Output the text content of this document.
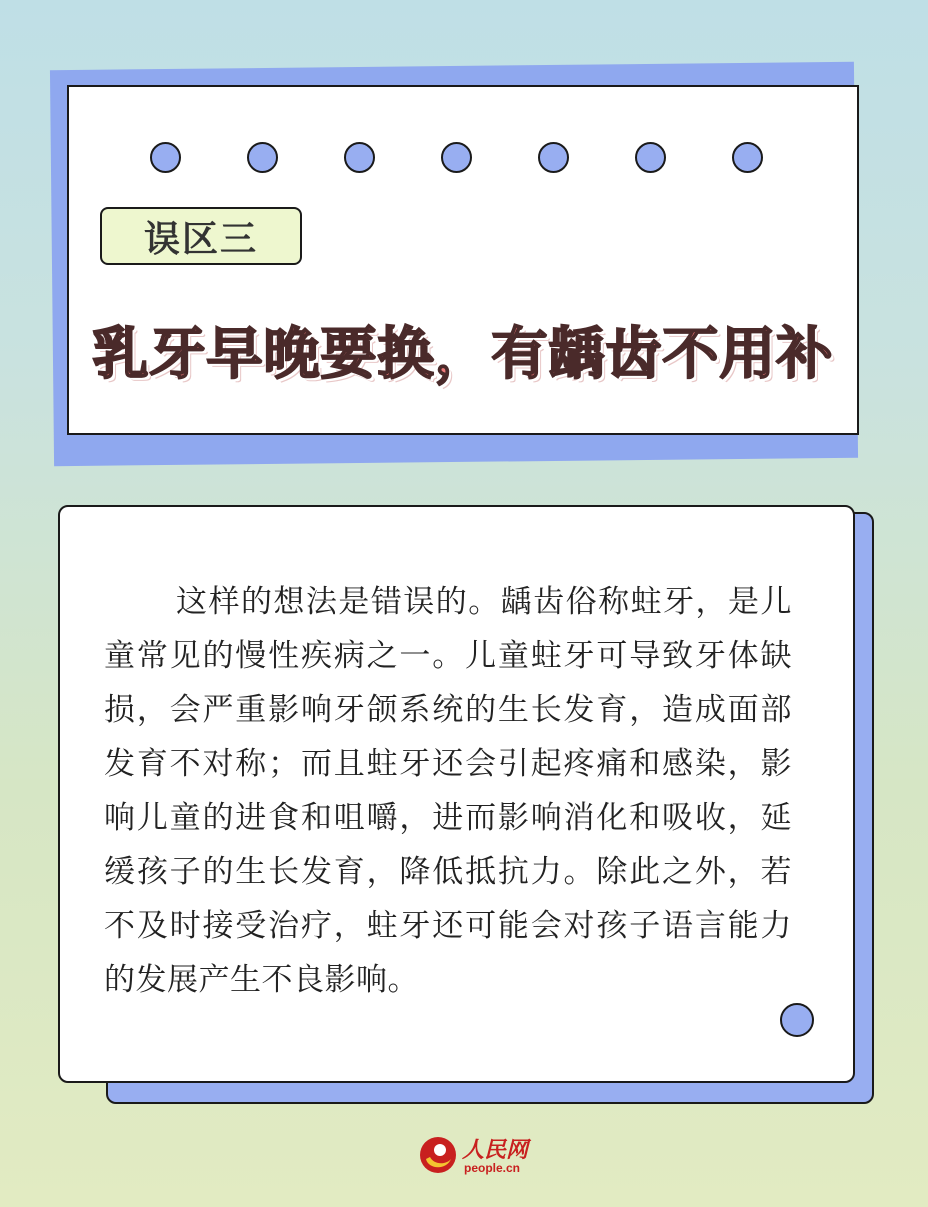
误区三
乳牙早晚要换，有龋齿不用补
这样的想法是错误的。龋齿俗称蛀牙，是儿童常见的慢性疾病之一。儿童蛀牙可导致牙体缺损，会严重影响牙颌系统的生长发育，造成面部发育不对称；而且蛀牙还会引起疼痛和感染，影响儿童的进食和咀嚼，进而影响消化和吸收，延缓孩子的生长发育，降低抵抗力。除此之外，若不及时接受治疗，蛀牙还可能会对孩子语言能力的发展产生不良影响。
人民网
people.cn
